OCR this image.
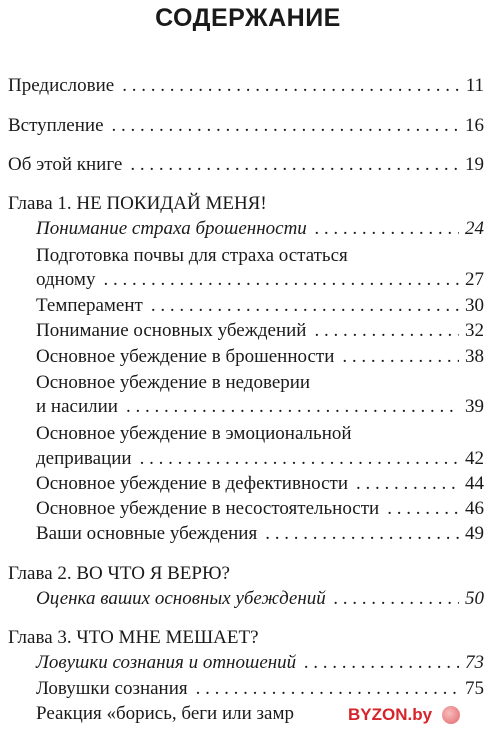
СОДЕРЖАНИЕ
Предисловие . . .	11
Вступление . . .	16
Об этой книге . . .	19
Глава 1. НЕ ПОКИДАЙ МЕНЯ!
Понимание страха брошенности . . .	24
Подготовка почвы для страха остаться
одному . . .	27
Темперамент . . .	30
Понимание основных убеждений . . .	32
Основное убеждение в брошенности . . .	38
Основное убеждение в недоверии
и насилии . . .	39
Основное убеждение в эмоциональной
депривации . . .	42
Основное убеждение в дефективности . . .	44
Основное убеждение в несостоятельности . . .	46
Ваши основные убеждения . . .	49
Глава 2. ВО ЧТО Я ВЕРЮ?
Оценка ваших основных убеждений . . .	50
Глава 3. ЧТО МНЕ МЕШАЕТ?
Ловушки сознания и отношений . . .	73
Ловушки сознания . . .	75
Реакция «борись, беги или замр	BYZON.by
